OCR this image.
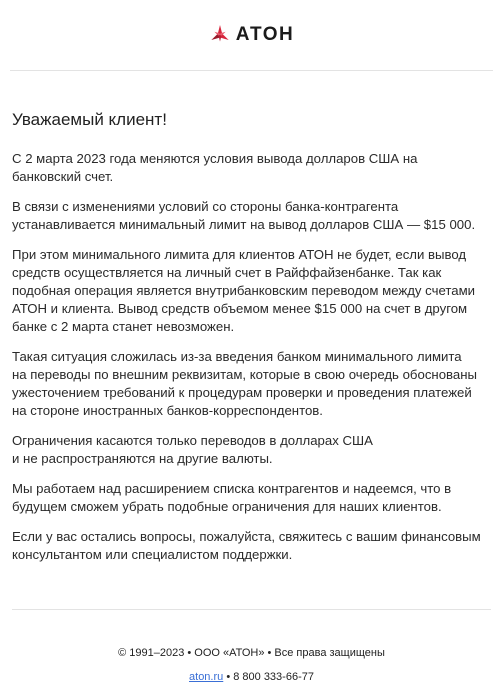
АТОН
Уважаемый клиент!

С 2 марта 2023 года меняются условия вывода долларов США на
банковский счет.

В связи с изменениями условий со стороны банка-контрагента
устанавливается минимальный лимит на вывод долларов США — $15 000.

При этом минимального лимита для клиентов АТОН не будет, если вывод
средств осуществляется на личный счет в Райффайзенбанке. Так как
подобная операция является внутрибанковским переводом между счетами
АТОН и клиента. Вывод средств объемом менее $15 000 на счет в другом
банке с 2 марта станет невозможен.

Такая ситуация сложилась из-за введения банком минимального лимита
на переводы по внешним реквизитам, которые в свою очередь обоснованы
ужесточением требований к процедурам проверки и проведения платежей
на стороне иностранных банков-корреспондентов.

Ограничения касаются только переводов в долларах США
и не распространяются на другие валюты.

Мы работаем над расширением списка контрагентов и надеемся, что в
будущем сможем убрать подобные ограничения для наших клиентов.

Если у вас остались вопросы, пожалуйста, свяжитесь с вашим финансовым
консультантом или специалистом поддержки.

© 1991–2023 • ООО «АТОН» • Все права защищены
aton.ru • 8 800 333-66-77
